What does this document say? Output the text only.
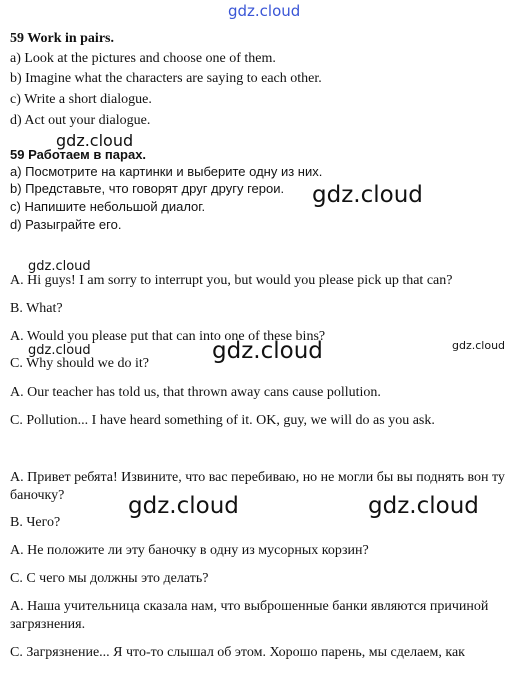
gdz.cloud
gdz.cloud
gdz.cloud
gdz.cloud
gdz.cloud	gdz.cloud	gdz.cloud
gdz.cloud	gdz.cloud
59 Work in pairs.
a) Look at the pictures and choose one of them.
b) Imagine what the characters are saying to each other.
c) Write a short dialogue.
d) Act out your dialogue.
59 Работаем в парах.
а) Посмотрите на картинки и выберите одну из них.
b) Представьте, что говорят друг другу герои.
c) Напишите небольшой диалог.
d) Разыграйте его.
A. Hi guys! I am sorry to interrupt you, but would you please pick up that can?
B. What?
A. Would you please put that can into one of these bins?
C. Why should we do it?
A. Our teacher has told us, that thrown away cans cause pollution.
C. Pollution... I have heard something of it. OK, guy, we will do as you ask.
А. Привет ребята! Извините, что вас перебиваю, но не могли бы вы поднять вон ту баночку?
В. Чего?
А. Не положите ли эту баночку в одну из мусорных корзин?
С. С чего мы должны это делать?
А. Наша учительница сказала нам, что выброшенные банки являются причиной загрязнения.
С. Загрязнение... Я что-то слышал об этом. Хорошо парень, мы сделаем, как
